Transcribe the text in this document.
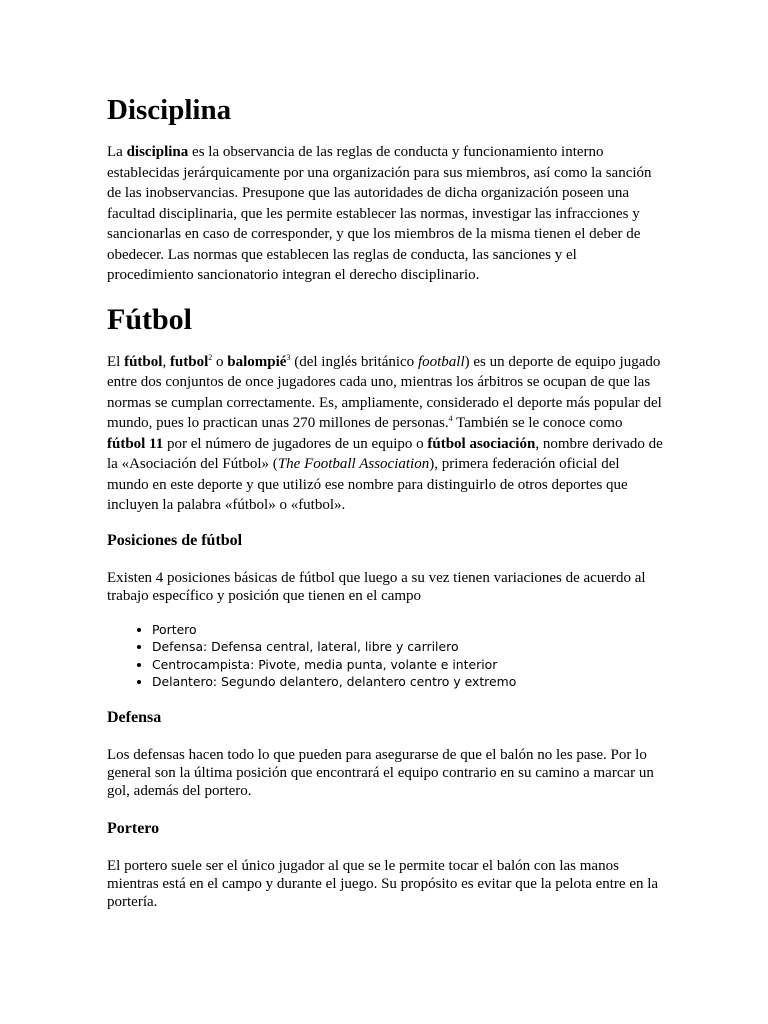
Disciplina

La disciplina es la observancia de las reglas de conducta y funcionamiento interno establecidas jerárquicamente por una organización para sus miembros, así como la sanción de las inobservancias. Presupone que las autoridades de dicha organización poseen una facultad disciplinaria, que les permite establecer las normas, investigar las infracciones y sancionarlas en caso de corresponder, y que los miembros de la misma tienen el deber de obedecer. Las normas que establecen las reglas de conducta, las sanciones y el procedimiento sancionatorio integran el derecho disciplinario.

Fútbol

El fútbol, futbol$^2$ o balompié$^3$ (del inglés británico football) es un deporte de equipo jugado entre dos conjuntos de once jugadores cada uno, mientras los árbitros se ocupan de que las normas se cumplan correctamente. Es, ampliamente, considerado el deporte más popular del mundo, pues lo practican unas 270 millones de personas.$^4$ También se le conoce como fútbol 11 por el número de jugadores de un equipo o fútbol asociación, nombre derivado de la «Asociación del Fútbol» (The Football Association), primera federación oficial del mundo en este deporte y que utilizó ese nombre para distinguirlo de otros deportes que incluyen la palabra «fútbol» o «futbol».

Posiciones de fútbol

Existen 4 posiciones básicas de fútbol que luego a su vez tienen variaciones de acuerdo al trabajo específico y posición que tienen en el campo

• Portero
• Defensa: Defensa central, lateral, libre y carrilero
• Centrocampista: Pivote, media punta, volante e interior
• Delantero: Segundo delantero, delantero centro y extremo
Defensa

Los defensas hacen todo lo que pueden para asegurarse de que el balón no les pase. Por lo general son la última posición que encontrará el equipo contrario en su camino a marcar un gol, además del portero.

Portero

El portero suele ser el único jugador al que se le permite tocar el balón con las manos mientras está en el campo y durante el juego. Su propósito es evitar que la pelota entre en la portería.
